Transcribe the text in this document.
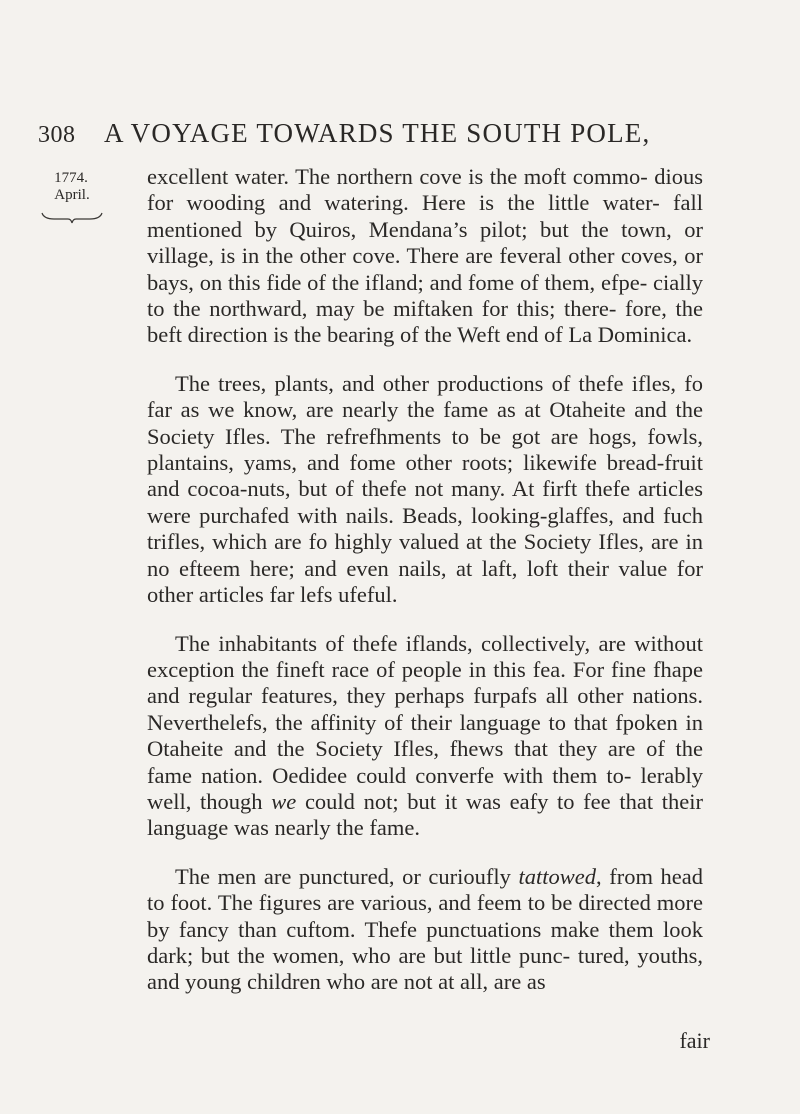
308 A VOYAGE TOWARDS THE SOUTH POLE,
1774.
April.

excellent water. The northern cove is the moft commo- dious for wooding and watering. Here is the little water- fall mentioned by Quiros, Mendana’s pilot; but the town, or village, is in the other cove. There are feveral other coves, or bays, on this fide of the ifland; and fome of them, efpe- cially to the northward, may be miftaken for this; there- fore, the beft direction is the bearing of the Weft end of La Dominica.

The trees, plants, and other productions of thefe ifles, fo far as we know, are nearly the fame as at Otaheite and the Society Ifles. The refrefhments to be got are hogs, fowls, plantains, yams, and fome other roots; likewife bread-fruit and cocoa-nuts, but of thefe not many. At firft thefe articles were purchafed with nails. Beads, looking-glaffes, and fuch trifles, which are fo highly valued at the Society Ifles, are in no efteem here; and even nails, at laft, loft their value for other articles far lefs ufeful.

The inhabitants of thefe iflands, collectively, are without exception the fineft race of people in this fea. For fine fhape and regular features, they perhaps furpafs all other nations. Neverthelefs, the affinity of their language to that fpoken in Otaheite and the Society Ifles, fhews that they are of the fame nation. Oedidee could converfe with them to- lerably well, though we could not; but it was eafy to fee that their language was nearly the fame.

The men are punctured, or curioufly tattowed, from head to foot. The figures are various, and feem to be directed more by fancy than cuftom. Thefe punctuations make them look dark; but the women, who are but little punc- tured, youths, and young children who are not at all, are as

fair
